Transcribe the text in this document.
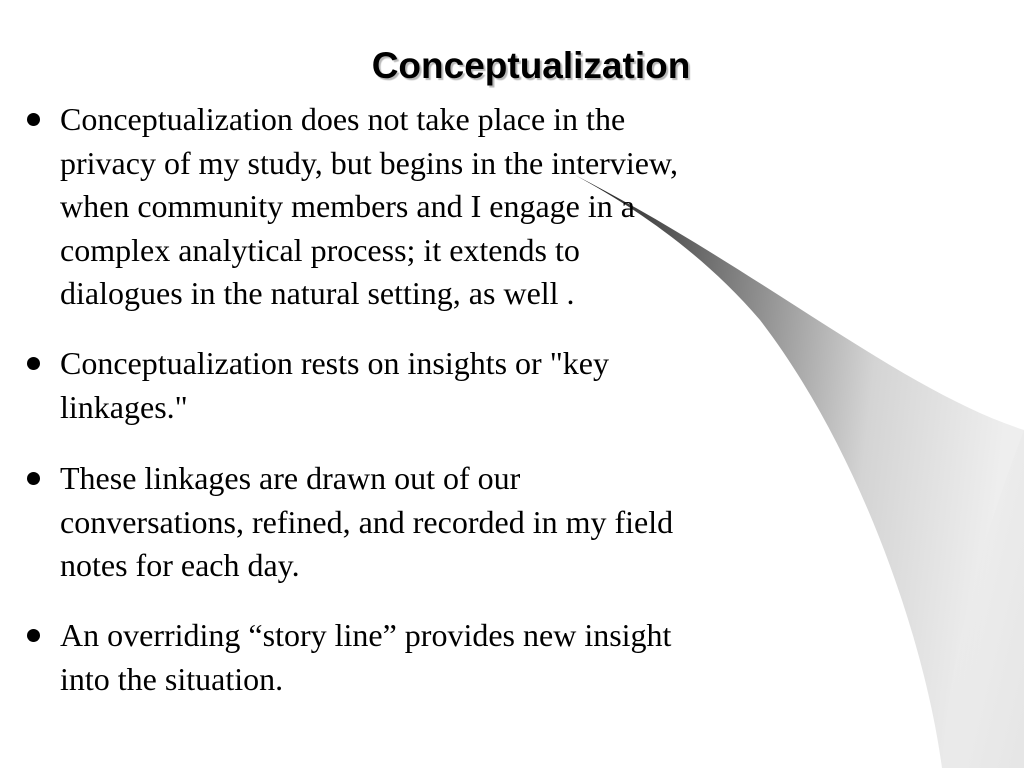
Conceptualization
Conceptualization does not take place in the
privacy of my study, but begins in the interview,
when community members and I engage in a
complex analytical process; it extends to
dialogues in the natural setting, as well .
Conceptualization rests on insights or "key
linkages."
These linkages are drawn out of our
conversations, refined, and recorded in my field
notes for each day.
An overriding “story line” provides new insight
into the situation.
